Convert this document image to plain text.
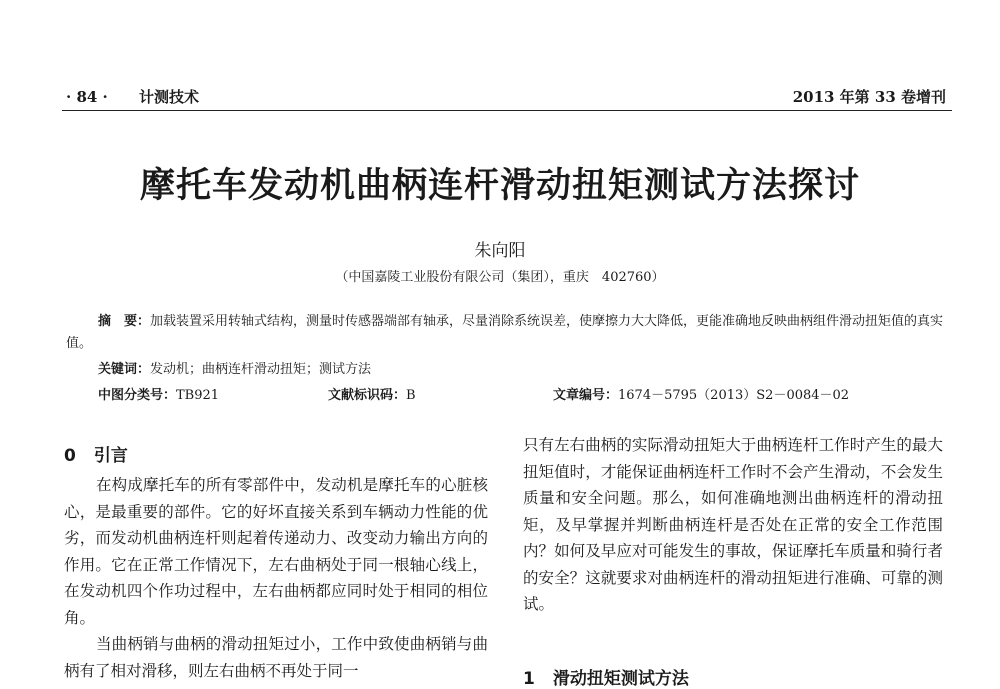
· 84 · 计测技术	2013 年第 33 卷增刊
摩托车发动机曲柄连杆滑动扭矩测试方法探讨
朱向阳
（中国嘉陵工业股份有限公司（集团），重庆　402760）
摘　要：加载装置采用转轴式结构，测量时传感器端部有轴承，尽量消除系统误差，使摩擦力大大降低，更能准确地反映曲柄组件滑动扭矩值的真实值。
关键词：发动机；曲柄连杆滑动扭矩；测试方法
中图分类号：TB921	文献标识码：B	文章编号：1674－5795（2013）S2－0084－02
0 引言

在构成摩托车的所有零部件中，发动机是摩托车的心脏核心，是最重要的部件。它的好坏直接关系到车辆动力性能的优劣，而发动机曲柄连杆则起着传递动力、改变动力输出方向的作用。它在正常工作情况下，左右曲柄处于同一根轴心线上，在发动机四个作功过程中，左右曲柄都应同时处于相同的相位角。

当曲柄销与曲柄的滑动扭矩过小，工作中致使曲柄销与曲柄有了相对滑移，则左右曲柄不再处于同一

只有左右曲柄的实际滑动扭矩大于曲柄连杆工作时产生的最大扭矩值时，才能保证曲柄连杆工作时不会产生滑动，不会发生质量和安全问题。那么，如何准确地测出曲柄连杆的滑动扭矩，及早掌握并判断曲柄连杆是否处在正常的安全工作范围内？如何及早应对可能发生的事故，保证摩托车质量和骑行者的安全？这就要求对曲柄连杆的滑动扭矩进行准确、可靠的测试。

1 滑动扭矩测试方法
